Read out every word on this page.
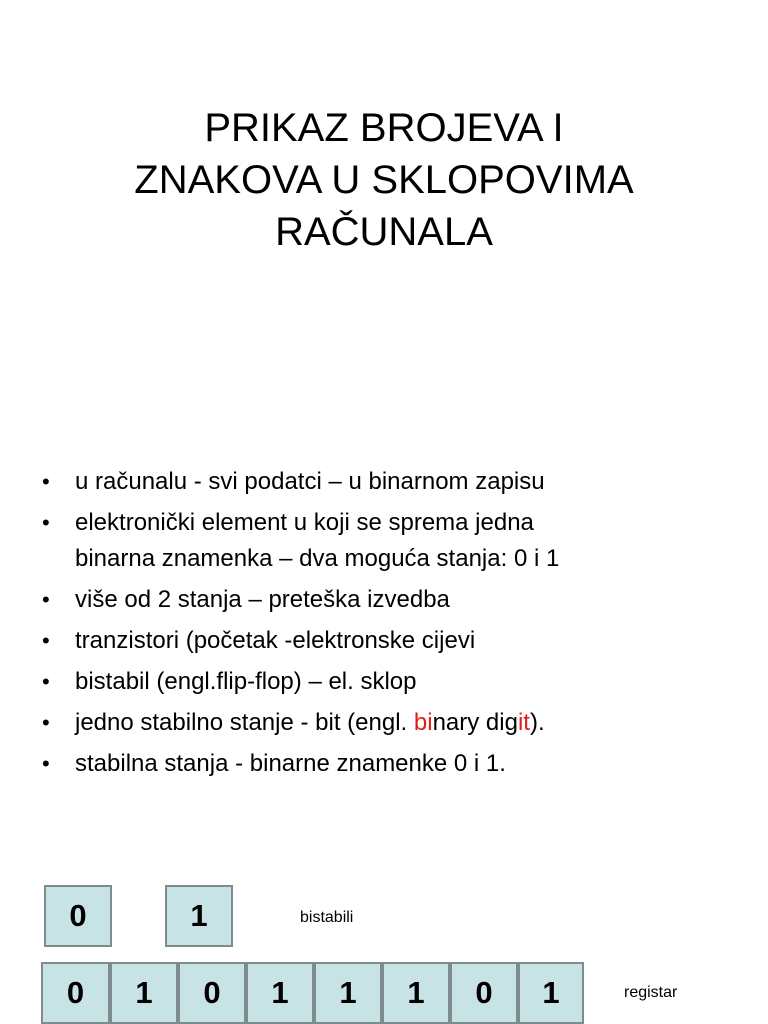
PRIKAZ BROJEVA I
ZNAKOVA U SKLOPOVIMA
RAČUNALA
• u računalu - svi podatci – u binarnom zapisu
• elektronički element u koji se sprema jedna
binarna znamenka – dva moguća stanja: 0 i 1
• više od 2 stanja – preteška izvedba
• tranzistori (početak -elektronske cijevi
• bistabil (engl.flip-flop) – el. sklop
• jedno stabilno stanje - bit (engl. binary digit).
• stabilna stanja - binarne znamenke 0 i 1.
0	1	bistabili
0	1	0	1	1	1	0	1	registar
